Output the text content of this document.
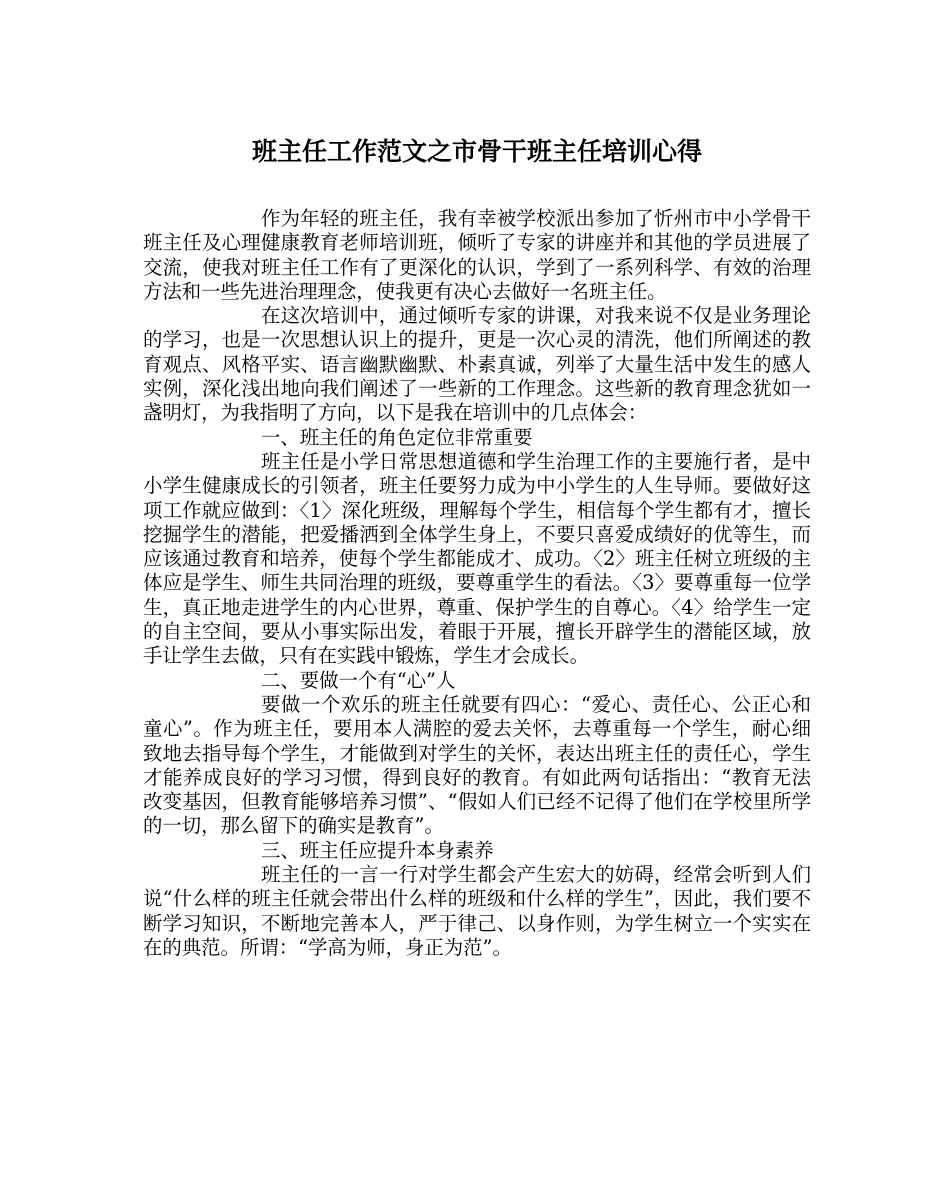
班主任工作范文之市骨干班主任培训心得

作为年轻的班主任，我有幸被学校派出参加了忻州市中小学骨干班主任及心理健康教育老师培训班，倾听了专家的讲座并和其他的学员进展了交流，使我对班主任工作有了更深化的认识，学到了一系列科学、有效的治理方法和一些先进治理理念，使我更有决心去做好一名班主任。

在这次培训中，通过倾听专家的讲课，对我来说不仅是业务理论的学习，也是一次思想认识上的提升，更是一次心灵的清洗，他们所阐述的教育观点、风格平实、语言幽默幽默、朴素真诚，列举了大量生活中发生的感人实例，深化浅出地向我们阐述了一些新的工作理念。这些新的教育理念犹如一盏明灯，为我指明了方向，以下是我在培训中的几点体会：

一、班主任的角色定位非常重要

班主任是小学日常思想道德和学生治理工作的主要施行者，是中小学生健康成长的引领者，班主任要努力成为中小学生的人生导师。要做好这项工作就应做到：〈1〉深化班级，理解每个学生，相信每个学生都有才，擅长挖掘学生的潜能，把爱播洒到全体学生身上，不要只喜爱成绩好的优等生，而应该通过教育和培养，使每个学生都能成才、成功。〈2〉班主任树立班级的主体应是学生、师生共同治理的班级，要尊重学生的看法。〈3〉要尊重每一位学生，真正地走进学生的内心世界，尊重、保护学生的自尊心。〈4〉给学生一定的自主空间，要从小事实际出发，着眼于开展，擅长开辟学生的潜能区域，放手让学生去做，只有在实践中锻炼，学生才会成长。

二、要做一个有“心”人

要做一个欢乐的班主任就要有四心：“爱心、责任心、公正心和童心”。作为班主任，要用本人满腔的爱去关怀，去尊重每一个学生，耐心细致地去指导每个学生，才能做到对学生的关怀，表达出班主任的责任心，学生才能养成良好的学习习惯，得到良好的教育。有如此两句话指出：“教育无法改变基因，但教育能够培养习惯”、“假如人们已经不记得了他们在学校里所学的一切，那么留下的确实是教育”。

三、班主任应提升本身素养

班主任的一言一行对学生都会产生宏大的妨碍，经常会听到人们说“什么样的班主任就会带出什么样的班级和什么样的学生”，因此，我们要不断学习知识，不断地完善本人，严于律己、以身作则，为学生树立一个实实在在的典范。所谓：“学高为师，身正为范”。
